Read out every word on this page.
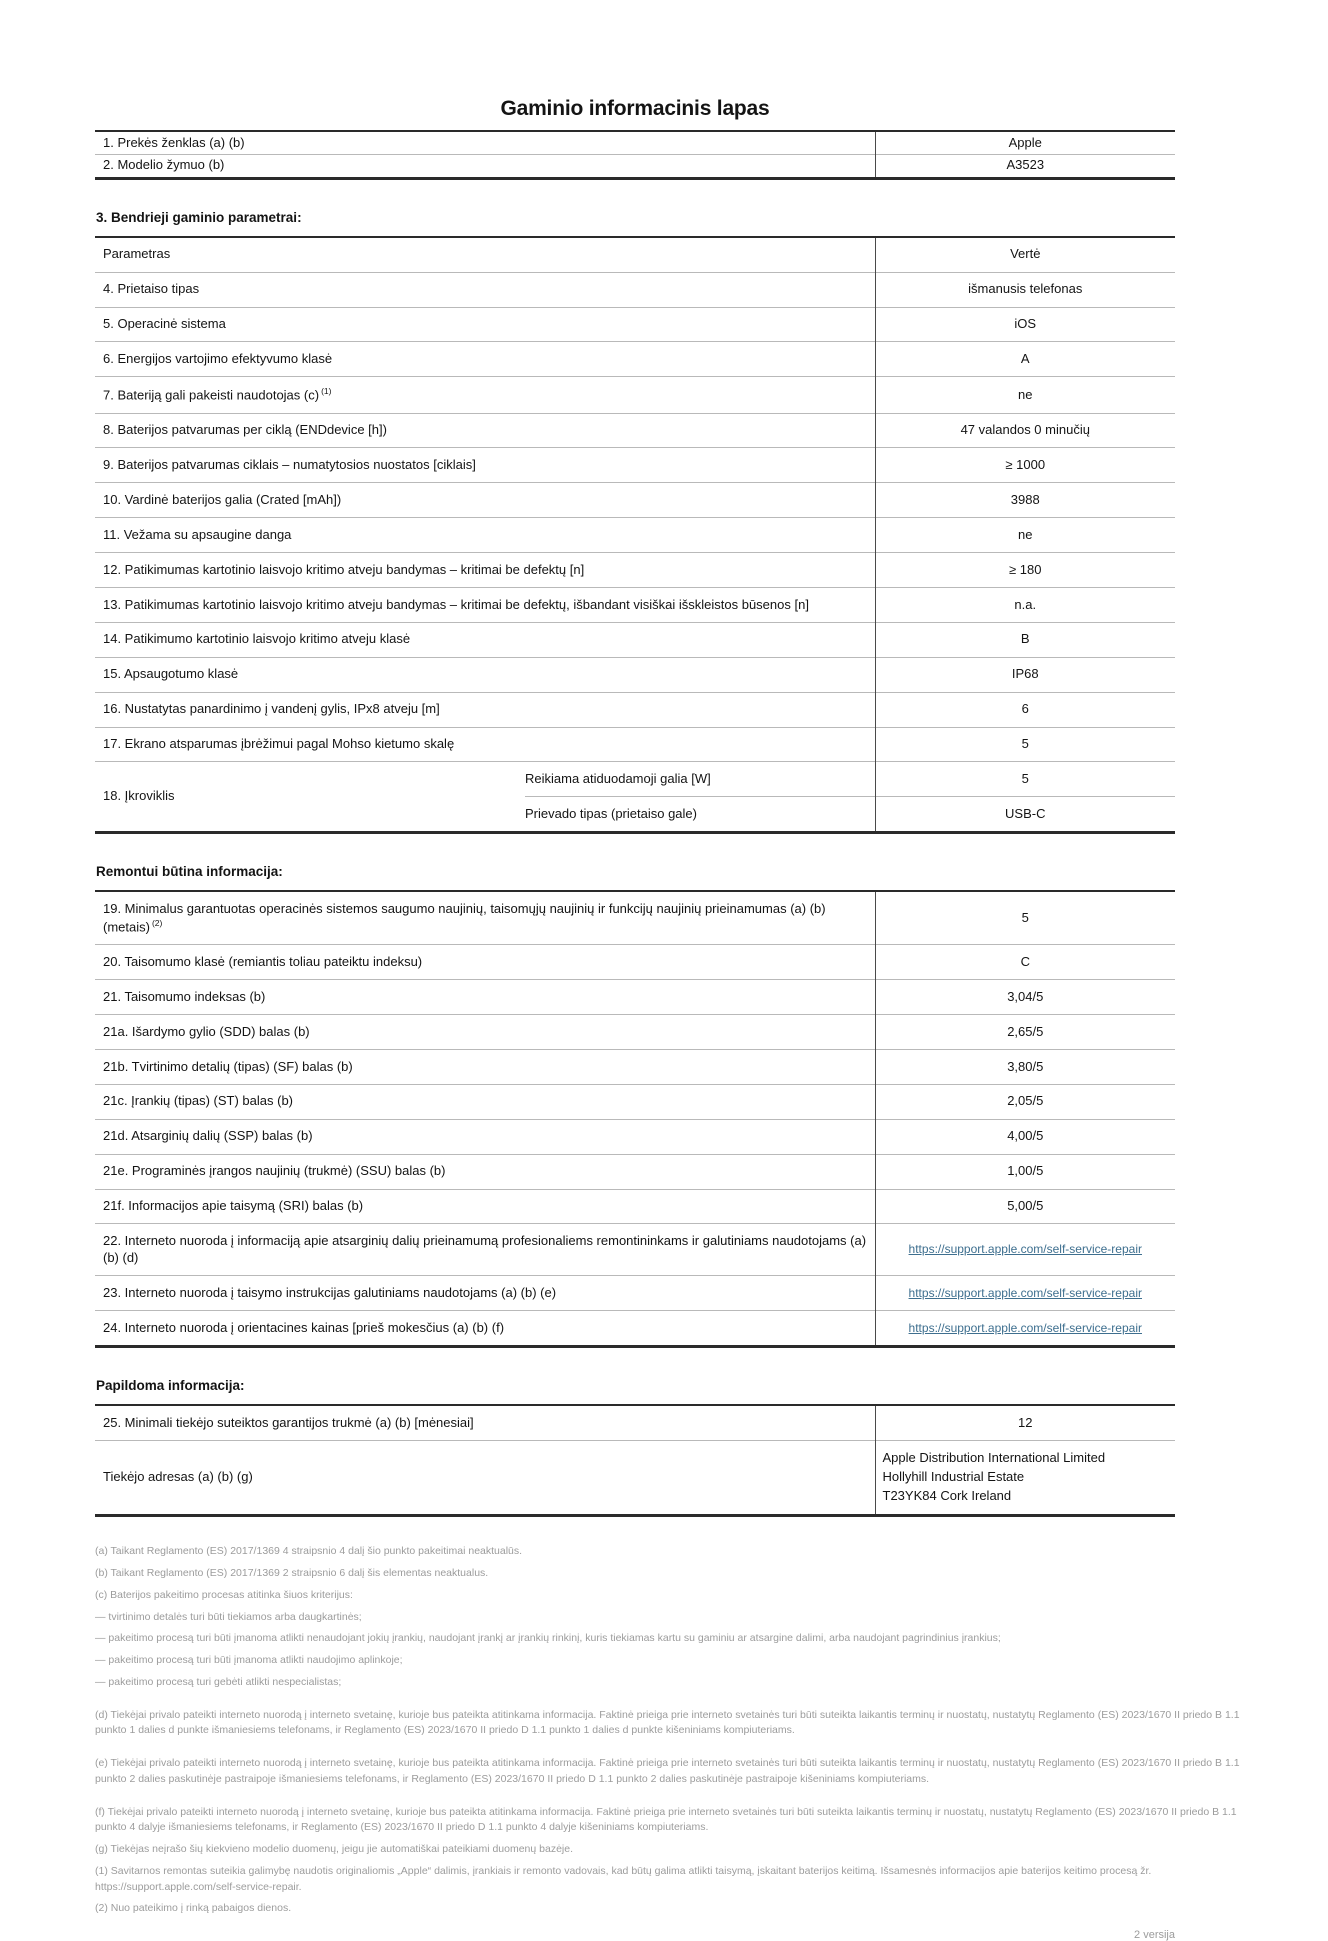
Gaminio informacinis lapas
1. Prekės ženklas (a) (b)	Apple
2. Modelio žymuo (b)	A3523
3. Bendrieji gaminio parametrai:
Parametras		Vertė
4. Prietaiso tipas		išmanusis telefonas
5. Operacinė sistema		iOS
6. Energijos vartojimo efektyvumo klasė		A
7. Bateriją gali pakeisti naudotojas (c) $^{(1)}$		ne
8. Baterijos patvarumas per ciklą (ENDdevice [h])		47 valandos 0 minučių
9. Baterijos patvarumas ciklais – numatytosios nuostatos [ciklais]		≥ 1000
10. Vardinė baterijos galia (Crated [mAh])		3988
11. Vežama su apsaugine danga		ne
12. Patikimumas kartotinio laisvojo kritimo atveju bandymas – kritimai be defektų [n]		≥ 180
13. Patikimumas kartotinio laisvojo kritimo atveju bandymas – kritimai be defektų, išbandant visiškai išskleistos būsenos [n]		n.a.
14. Patikimumo kartotinio laisvojo kritimo atveju klasė		B
15. Apsaugotumo klasė		IP68
16. Nustatytas panardinimo į vandenį gylis, IPx8 atveju [m]		6
17. Ekrano atsparumas įbrėžimui pagal Mohso kietumo skalę		5
18. Įkroviklis	Reikiama atiduodamoji galia [W]	5
	Prievado tipas (prietaiso gale)	USB-C
Remontui būtina informacija:
19. Minimalus garantuotas operacinės sistemos saugumo naujinių, taisomųjų naujinių ir funkcijų naujinių prieinamumas (a) (b) (metais) $^{(2)}$	5
20. Taisomumo klasė (remiantis toliau pateiktu indeksu)	C
21. Taisomumo indeksas (b)	3,04/5
21a. Išardymo gylio (SDD) balas (b)	2,65/5
21b. Tvirtinimo detalių (tipas) (SF) balas (b)	3,80/5
21c. Įrankių (tipas) (ST) balas (b)	2,05/5
21d. Atsarginių dalių (SSP) balas (b)	4,00/5
21e. Programinės įrangos naujinių (trukmė) (SSU) balas (b)	1,00/5
21f. Informacijos apie taisymą (SRI) balas (b)	5,00/5
22. Interneto nuoroda į informaciją apie atsarginių dalių prieinamumą profesionaliems remontininkams ir galutiniams naudotojams (a) (b) (d)	https://support.apple.com/self-service-repair
23. Interneto nuoroda į taisymo instrukcijas galutiniams naudotojams (a) (b) (e)	https://support.apple.com/self-service-repair
24. Interneto nuoroda į orientacines kainas [prieš mokesčius (a) (b) (f)	https://support.apple.com/self-service-repair
Papildoma informacija:
25. Minimali tiekėjo suteiktos garantijos trukmė (a) (b) [mėnesiai]	12
Tiekėjo adresas (a) (b) (g)	Apple Distribution International Limited
Hollyhill Industrial Estate
T23YK84 Cork Ireland
(a) Taikant Reglamento (ES) 2017/1369 4 straipsnio 4 dalį šio punkto pakeitimai neaktualūs.
(b) Taikant Reglamento (ES) 2017/1369 2 straipsnio 6 dalį šis elementas neaktualus.
(c) Baterijos pakeitimo procesas atitinka šiuos kriterijus:
— tvirtinimo detalės turi būti tiekiamos arba daugkartinės;
— pakeitimo procesą turi būti įmanoma atlikti nenaudojant jokių įrankių, naudojant įrankį ar įrankių rinkinį, kuris tiekiamas kartu su gaminiu ar atsargine dalimi, arba naudojant pagrindinius įrankius;
— pakeitimo procesą turi būti įmanoma atlikti naudojimo aplinkoje;
— pakeitimo procesą turi gebėti atlikti nespecialistas;
(d) Tiekėjai privalo pateikti interneto nuorodą į interneto svetainę, kurioje bus pateikta atitinkama informacija. Faktinė prieiga prie interneto svetainės turi būti suteikta laikantis terminų ir nuostatų, nustatytų Reglamento (ES) 2023/1670 II priedo B 1.1 punkto 1 dalies d punkte išmaniesiems telefonams, ir Reglamento (ES) 2023/1670 II priedo D 1.1 punkto 1 dalies d punkte kišeniniams kompiuteriams.
(e) Tiekėjai privalo pateikti interneto nuorodą į interneto svetainę, kurioje bus pateikta atitinkama informacija. Faktinė prieiga prie interneto svetainės turi būti suteikta laikantis terminų ir nuostatų, nustatytų Reglamento (ES) 2023/1670 II priedo B 1.1 punkto 2 dalies paskutinėje pastraipoje išmaniesiems telefonams, ir Reglamento (ES) 2023/1670 II priedo D 1.1 punkto 2 dalies paskutinėje pastraipoje kišeniniams kompiuteriams.
(f) Tiekėjai privalo pateikti interneto nuorodą į interneto svetainę, kurioje bus pateikta atitinkama informacija. Faktinė prieiga prie interneto svetainės turi būti suteikta laikantis terminų ir nuostatų, nustatytų Reglamento (ES) 2023/1670 II priedo B 1.1 punkto 4 dalyje išmaniesiems telefonams, ir Reglamento (ES) 2023/1670 II priedo D 1.1 punkto 4 dalyje kišeniniams kompiuteriams.
(g) Tiekėjas neįrašo šių kiekvieno modelio duomenų, jeigu jie automatiškai pateikiami duomenų bazėje.
(1) Savitarnos remontas suteikia galimybę naudotis originaliomis „Apple“ dalimis, įrankiais ir remonto vadovais, kad būtų galima atlikti taisymą, įskaitant baterijos keitimą. Išsamesnės informacijos apie baterijos keitimo procesą žr. https://support.apple.com/self-service-repair.
(2) Nuo pateikimo į rinką pabaigos dienos.
2 versija
